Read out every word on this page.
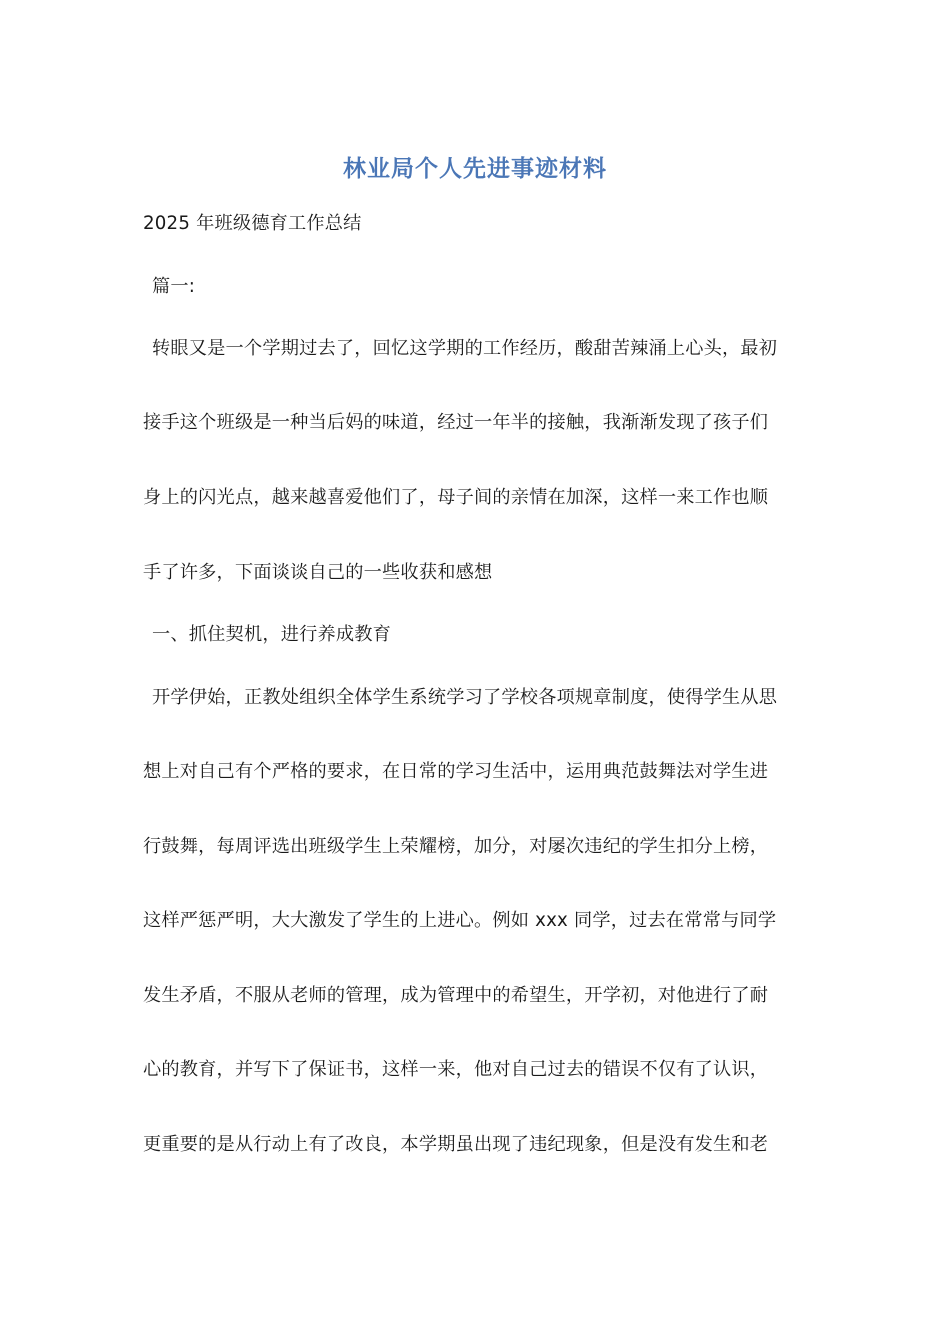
林业局个人先进事迹材料
2025 年班级德育工作总结
篇一:
转眼又是一个学期过去了，回忆这学期的工作经历，酸甜苦辣涌上心头，最初
接手这个班级是一种当后妈的味道，经过一年半的接触，我渐渐发现了孩子们
身上的闪光点，越来越喜爱他们了，母子间的亲情在加深，这样一来工作也顺
手了许多，下面谈谈自己的一些收获和感想
一、抓住契机，进行养成教育
开学伊始，正教处组织全体学生系统学习了学校各项规章制度，使得学生从思
想上对自己有个严格的要求，在日常的学习生活中，运用典范鼓舞法对学生进
行鼓舞，每周评选出班级学生上荣耀榜，加分，对屡次违纪的学生扣分上榜，
这样严惩严明，大大激发了学生的上进心。例如 xxx 同学，过去在常常与同学
发生矛盾，不服从老师的管理，成为管理中的希望生，开学初，对他进行了耐
心的教育，并写下了保证书，这样一来，他对自己过去的错误不仅有了认识，
更重要的是从行动上有了改良，本学期虽出现了违纪现象，但是没有发生和老
